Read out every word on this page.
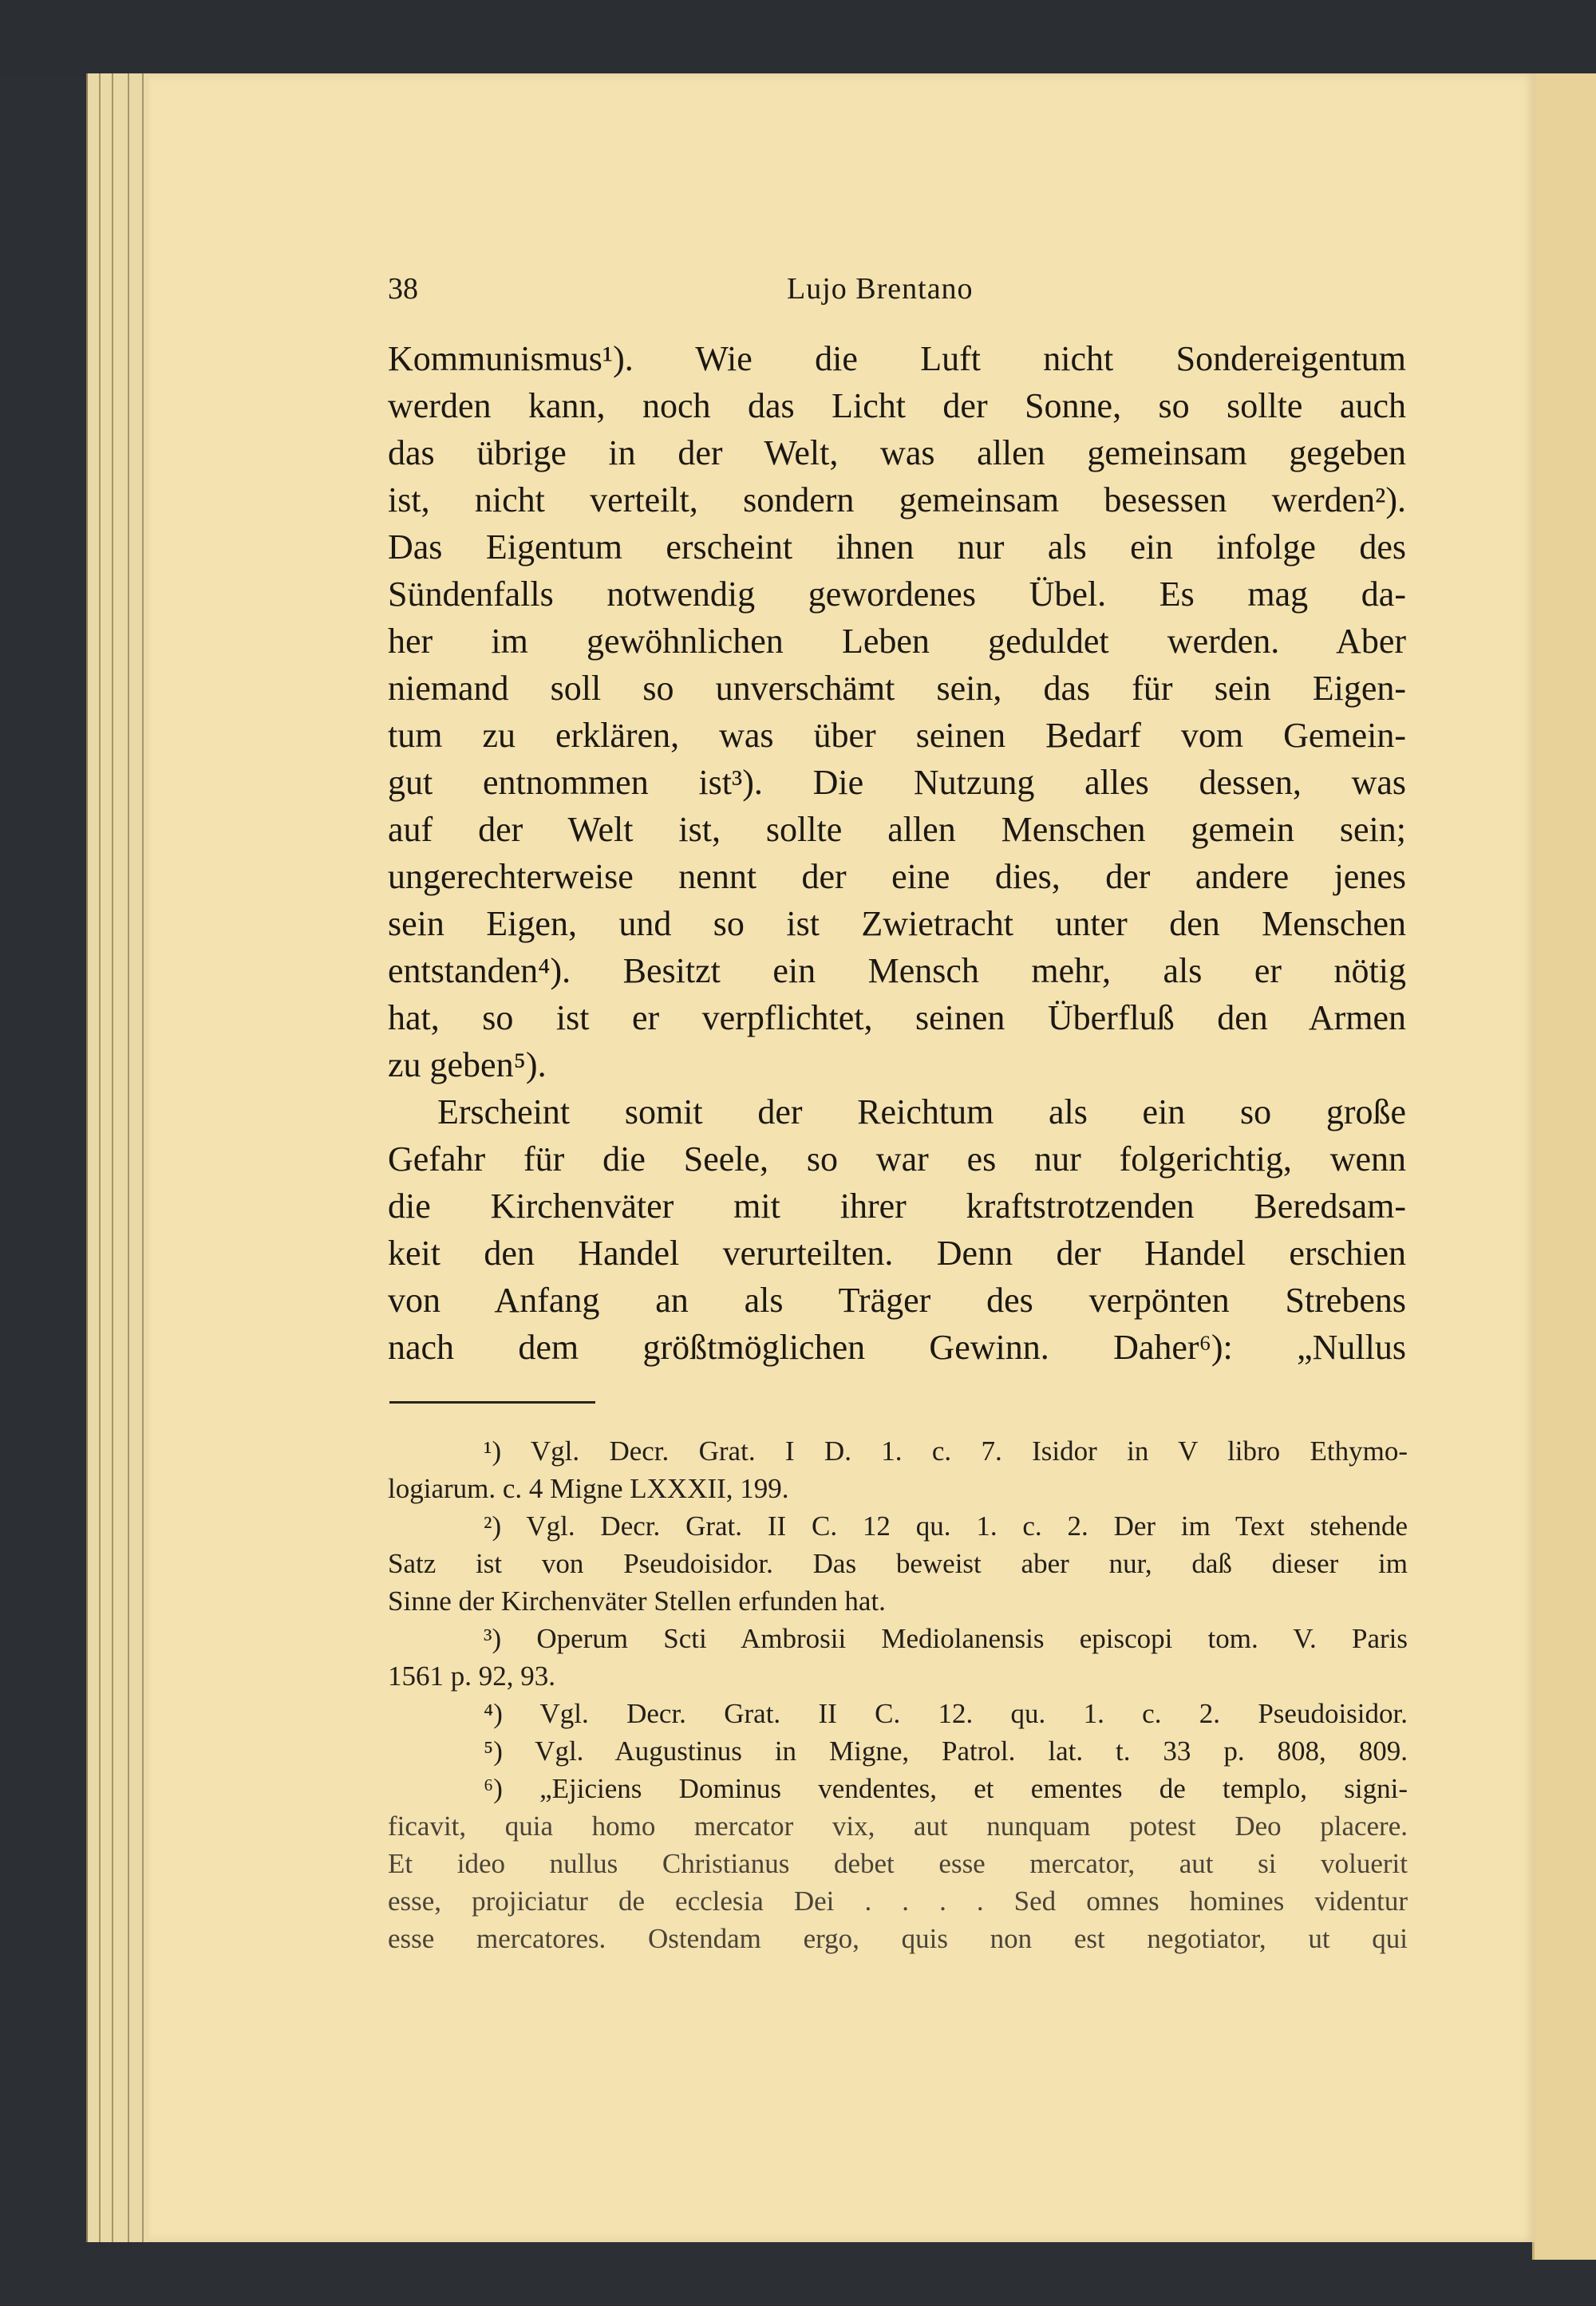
38	Lujo Brentano
Kommunismus¹). Wie die Luft nicht Sondereigentum
werden kann, noch das Licht der Sonne, so sollte auch
das übrige in der Welt, was allen gemeinsam gegeben
ist, nicht verteilt, sondern gemeinsam besessen werden²).
Das Eigentum erscheint ihnen nur als ein infolge des
Sündenfalls notwendig gewordenes Übel. Es mag da-
her im gewöhnlichen Leben geduldet werden. Aber
niemand soll so unverschämt sein, das für sein Eigen-
tum zu erklären, was über seinen Bedarf vom Gemein-
gut entnommen ist³). Die Nutzung alles dessen, was
auf der Welt ist, sollte allen Menschen gemein sein;
ungerechterweise nennt der eine dies, der andere jenes
sein Eigen, und so ist Zwietracht unter den Menschen
entstanden⁴). Besitzt ein Mensch mehr, als er nötig
hat, so ist er verpflichtet, seinen Überfluß den Armen
zu geben⁵).
Erscheint somit der Reichtum als ein so große
Gefahr für die Seele, so war es nur folgerichtig, wenn
die Kirchenväter mit ihrer kraftstrotzenden Beredsam-
keit den Handel verurteilten. Denn der Handel erschien
von Anfang an als Träger des verpönten Strebens
nach dem größtmöglichen Gewinn. Daher⁶): „Nullus
¹) Vgl. Decr. Grat. I D. 1. c. 7. Isidor in V libro Ethymo-
logiarum. c. 4 Migne LXXXII, 199.
²) Vgl. Decr. Grat. II C. 12 qu. 1. c. 2. Der im Text stehende
Satz ist von Pseudoisidor. Das beweist aber nur, daß dieser im
Sinne der Kirchenväter Stellen erfunden hat.
³) Operum Scti Ambrosii Mediolanensis episcopi tom. V. Paris
1561 p. 92, 93.
⁴) Vgl. Decr. Grat. II C. 12. qu. 1. c. 2. Pseudoisidor.
⁵) Vgl. Augustinus in Migne, Patrol. lat. t. 33 p. 808, 809.
⁶) „Ejiciens Dominus vendentes, et ementes de templo, signi-
ficavit, quia homo mercator vix, aut nunquam potest Deo placere.
Et ideo nullus Christianus debet esse mercator, aut si voluerit
esse, projiciatur de ecclesia Dei . . . . Sed omnes homines videntur
esse mercatores. Ostendam ergo, quis non est negotiator, ut qui
